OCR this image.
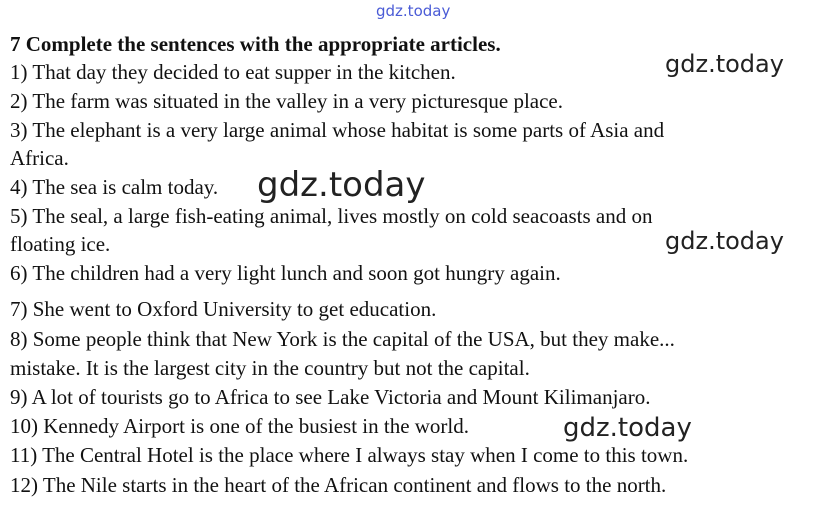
gdz.today
7 Complete the sentences with the appropriate articles.
1) That day they decided to eat supper in the kitchen.
2) The farm was situated in the valley in a very picturesque place.
3) The elephant is a very large animal whose habitat is some parts of Asia and
Africa.
4) The sea is calm today.
5) The seal, a large fish-eating animal, lives mostly on cold seacoasts and on
floating ice.
6) The children had a very light lunch and soon got hungry again.
7) She went to Oxford University to get education.
8) Some people think that New York is the capital of the USA, but they make...
mistake. It is the largest city in the country but not the capital.
9) A lot of tourists go to Africa to see Lake Victoria and Mount Kilimanjaro.
10) Kennedy Airport is one of the busiest in the world.
11) The Central Hotel is the place where I always stay when I come to this town.
12) The Nile starts in the heart of the African continent and flows to the north.
gdz.today
gdz.today
gdz.today
gdz.today
